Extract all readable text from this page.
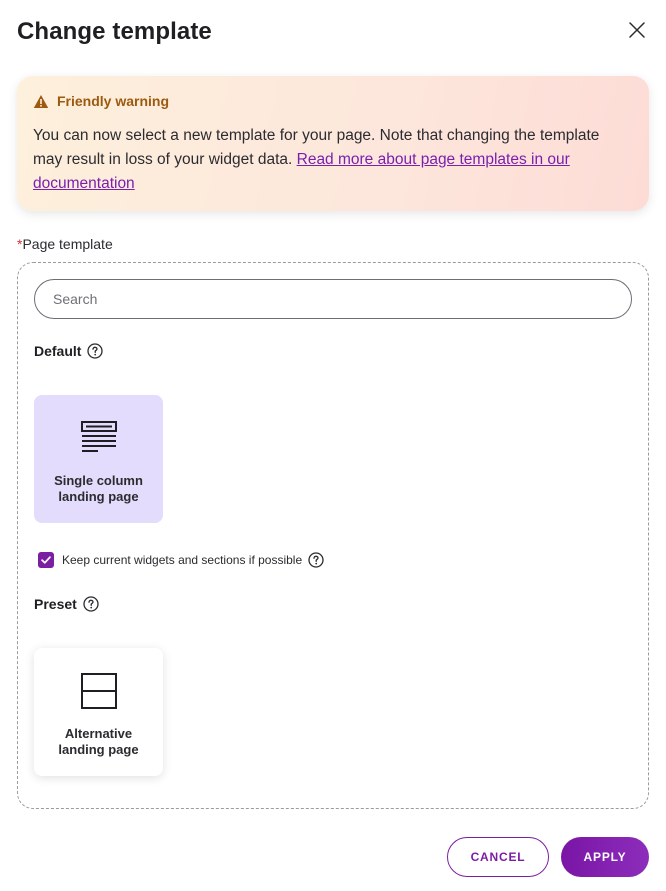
Change template
Friendly warning
You can now select a new template for your page. Note that changing the template may result in loss of your widget data. Read more about page templates in our documentation
*Page template
Search
Default
Single column landing page
Keep current widgets and sections if possible
Preset
Alternative landing page
CANCEL	APPLY
